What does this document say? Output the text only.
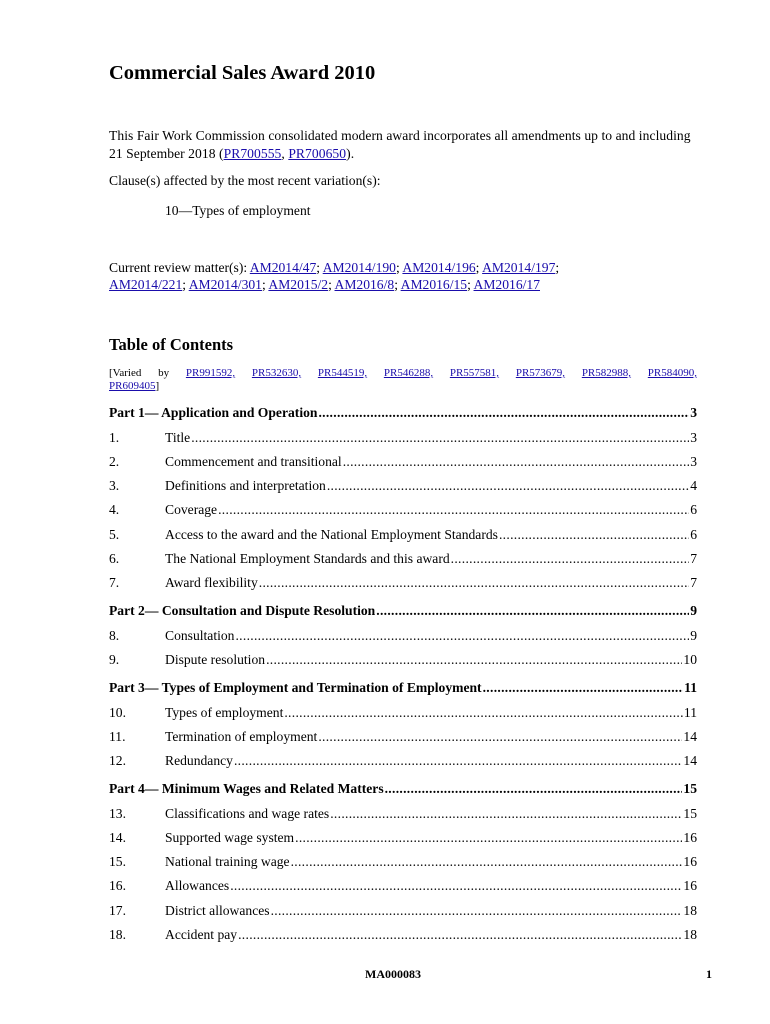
Commercial Sales Award 2010

This Fair Work Commission consolidated modern award incorporates all amendments up to and including 21 September 2018 (PR700555, PR700650).

Clause(s) affected by the most recent variation(s):

10—Types of employment

Current review matter(s): AM2014/47; AM2014/190; AM2014/196; AM2014/197;
AM2014/221; AM2014/301; AM2015/2; AM2016/8; AM2016/15; AM2016/17

Table of Contents

[Varied by PR991592, PR532630, PR544519, PR546288, PR557581, PR573679, PR582988, PR584090,

PR609405]

Part 1— Application and Operation .....	3
1.	Title .....	3
2.	Commencement and transitional .....	3
3.	Definitions and interpretation .....	4
4.	Coverage .....	6
5.	Access to the award and the National Employment Standards .....	6
6.	The National Employment Standards and this award .....	7
7.	Award flexibility .....	7
Part 2— Consultation and Dispute Resolution .....	9
8.	Consultation .....	9
9.	Dispute resolution .....	10
Part 3— Types of Employment and Termination of Employment .....	11
10.	Types of employment .....	11
11.	Termination of employment .....	14
12.	Redundancy .....	14
Part 4— Minimum Wages and Related Matters .....	15
13.	Classifications and wage rates .....	15
14.	Supported wage system .....	16
15.	National training wage .....	16
16.	Allowances .....	16
17.	District allowances .....	18
18.	Accident pay .....	18

MA000083	1
